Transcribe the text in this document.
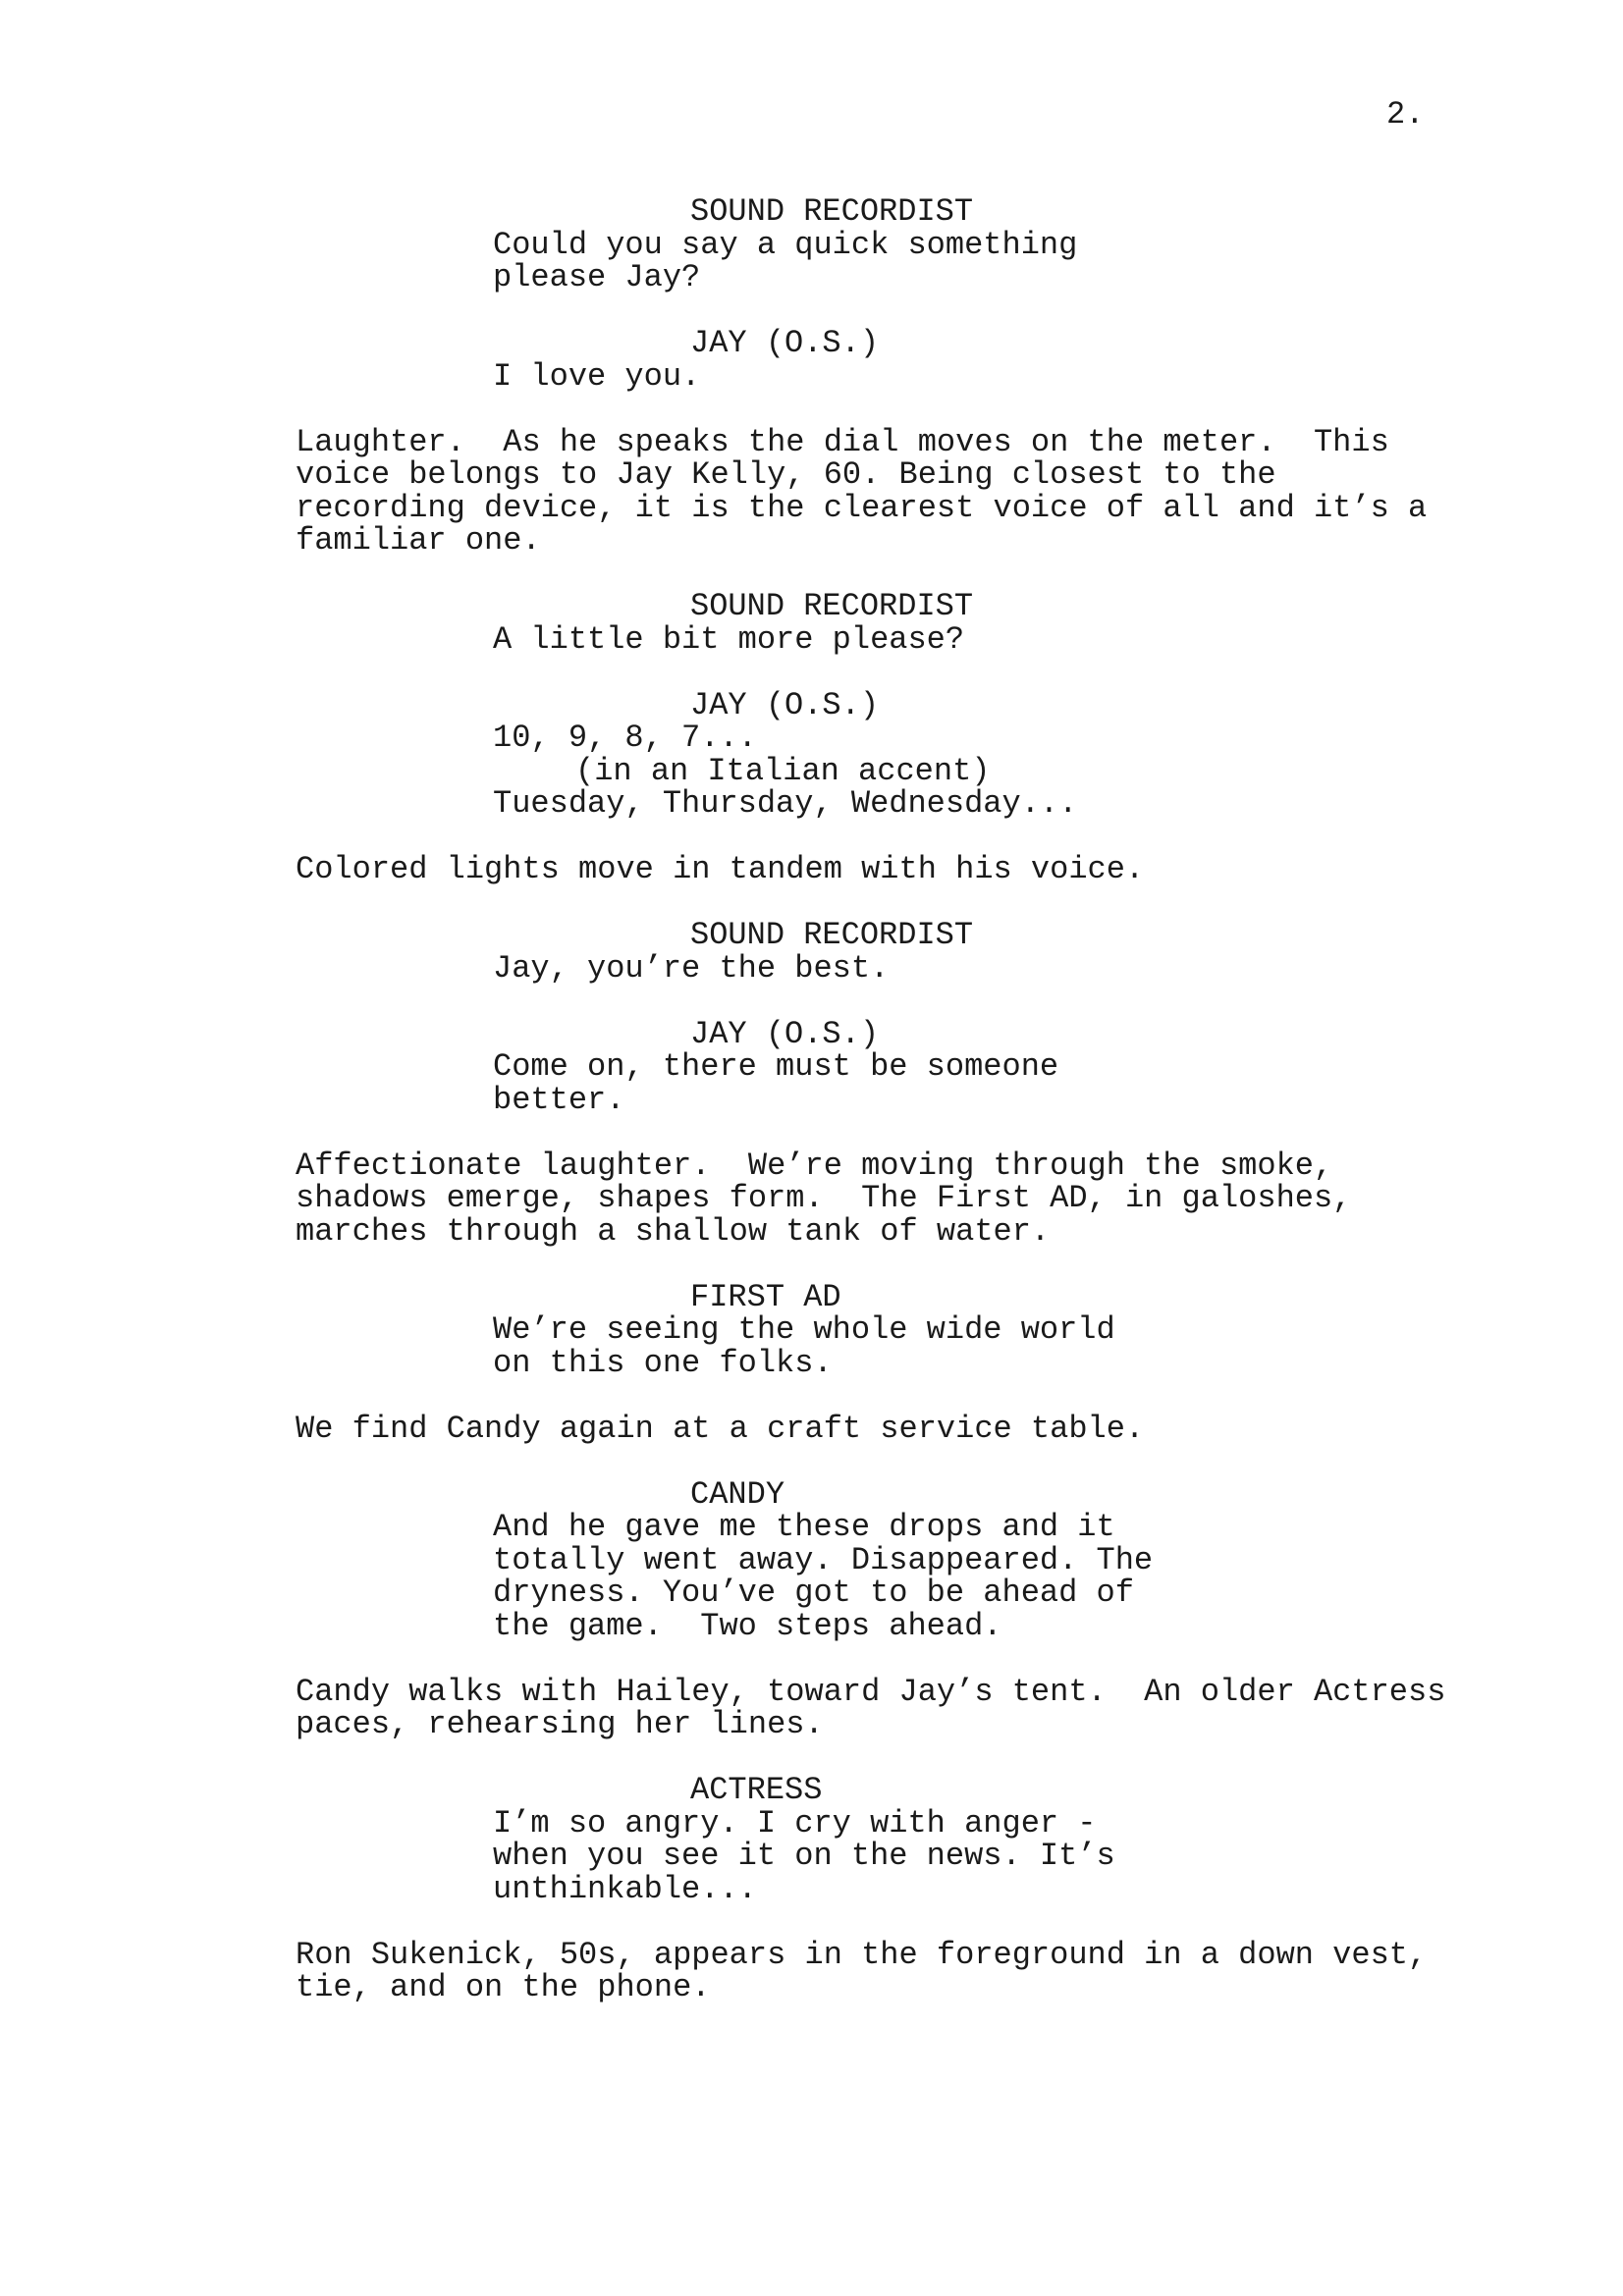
2.
SOUND RECORDIST
Could you say a quick something
please Jay?
JAY (O.S.)
I love you.
Laughter.  As he speaks the dial moves on the meter.  This
voice belongs to Jay Kelly, 60. Being closest to the
recording device, it is the clearest voice of all and it’s a
familiar one.
SOUND RECORDIST
A little bit more please?
JAY (O.S.)
10, 9, 8, 7...
(in an Italian accent)
Tuesday, Thursday, Wednesday...
Colored lights move in tandem with his voice.
SOUND RECORDIST
Jay, you’re the best.
JAY (O.S.)
Come on, there must be someone
better.
Affectionate laughter.  We’re moving through the smoke,
shadows emerge, shapes form.  The First AD, in galoshes,
marches through a shallow tank of water.
FIRST AD
We’re seeing the whole wide world
on this one folks.
We find Candy again at a craft service table.
CANDY
And he gave me these drops and it
totally went away. Disappeared. The
dryness. You’ve got to be ahead of
the game.  Two steps ahead.
Candy walks with Hailey, toward Jay’s tent.  An older Actress
paces, rehearsing her lines.
ACTRESS
I’m so angry. I cry with anger -
when you see it on the news. It’s
unthinkable...
Ron Sukenick, 50s, appears in the foreground in a down vest,
tie, and on the phone.
